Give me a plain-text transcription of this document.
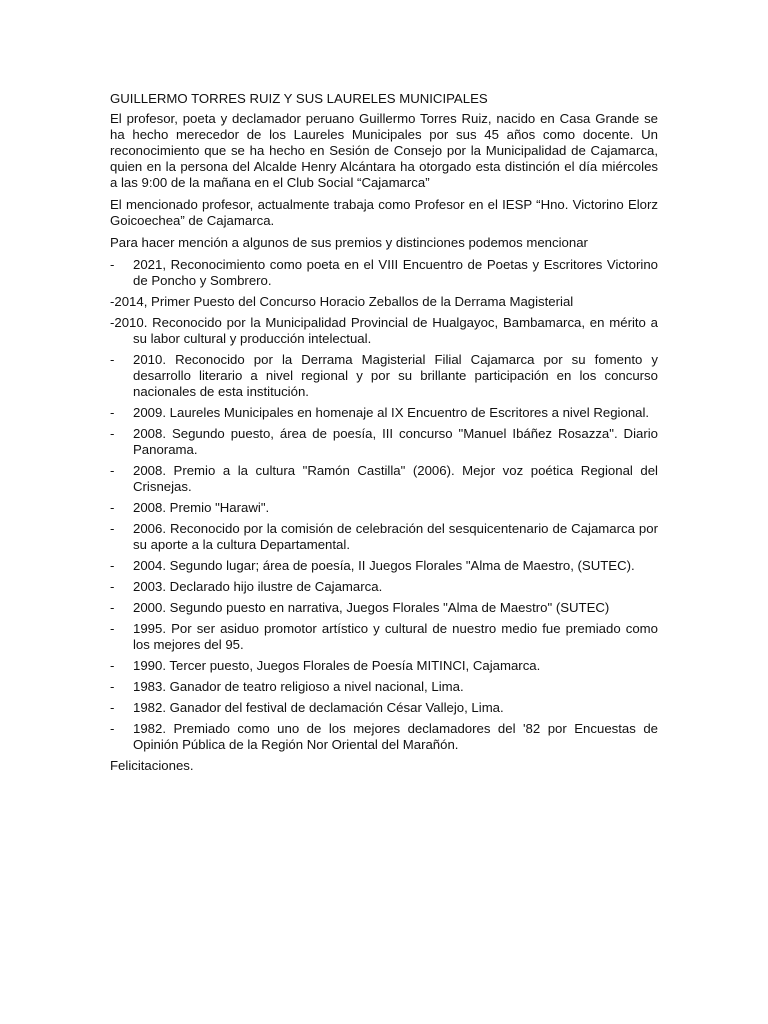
GUILLERMO TORRES RUIZ Y SUS LAURELES MUNICIPALES
El profesor, poeta y declamador peruano Guillermo Torres Ruiz, nacido en Casa Grande se ha hecho merecedor de los Laureles Municipales por sus 45 años como docente. Un reconocimiento que se ha hecho en Sesión de Consejo por la Municipalidad de Cajamarca, quien en la persona del Alcalde Henry Alcántara ha otorgado esta distinción el día miércoles a las 9:00 de la mañana en el Club Social “Cajamarca”
El mencionado profesor, actualmente trabaja como Profesor en el IESP “Hno. Victorino Elorz Goicoechea” de Cajamarca.
Para hacer mención a algunos de sus premios y distinciones podemos mencionar
- 2021, Reconocimiento como poeta en el VIII Encuentro de Poetas y Escritores Victorino de Poncho y Sombrero.
-2014, Primer Puesto del Concurso Horacio Zeballos de la Derrama Magisterial
-2010. Reconocido por la Municipalidad Provincial de Hualgayoc, Bambamarca, en mérito a su labor cultural y producción intelectual.
- 2010. Reconocido por la Derrama Magisterial Filial Cajamarca por su fomento y desarrollo literario a nivel regional y por su brillante participación en los concurso nacionales de esta institución.
- 2009. Laureles Municipales en homenaje al IX Encuentro de Escritores a nivel Regional.
- 2008. Segundo puesto, área de poesía, III concurso "Manuel Ibáñez Rosazza". Diario Panorama.
- 2008. Premio a la cultura "Ramón Castilla" (2006). Mejor voz poética Regional del Crisnejas.
- 2008. Premio "Harawi".
- 2006. Reconocido por la comisión de celebración del sesquicentenario de Cajamarca por su aporte a la cultura Departamental.
- 2004. Segundo lugar; área de poesía, II Juegos Florales "Alma de Maestro, (SUTEC).
- 2003. Declarado hijo ilustre de Cajamarca.
- 2000. Segundo puesto en narrativa, Juegos Florales "Alma de Maestro" (SUTEC)
- 1995. Por ser asiduo promotor artístico y cultural de nuestro medio fue premiado como los mejores del 95.
- 1990. Tercer puesto, Juegos Florales de Poesía MITINCI, Cajamarca.
- 1983. Ganador de teatro religioso a nivel nacional, Lima.
- 1982. Ganador del festival de declamación César Vallejo, Lima.
- 1982. Premiado como uno de los mejores declamadores del '82 por Encuestas de Opinión Pública de la Región Nor Oriental del Marañón.
Felicitaciones.
